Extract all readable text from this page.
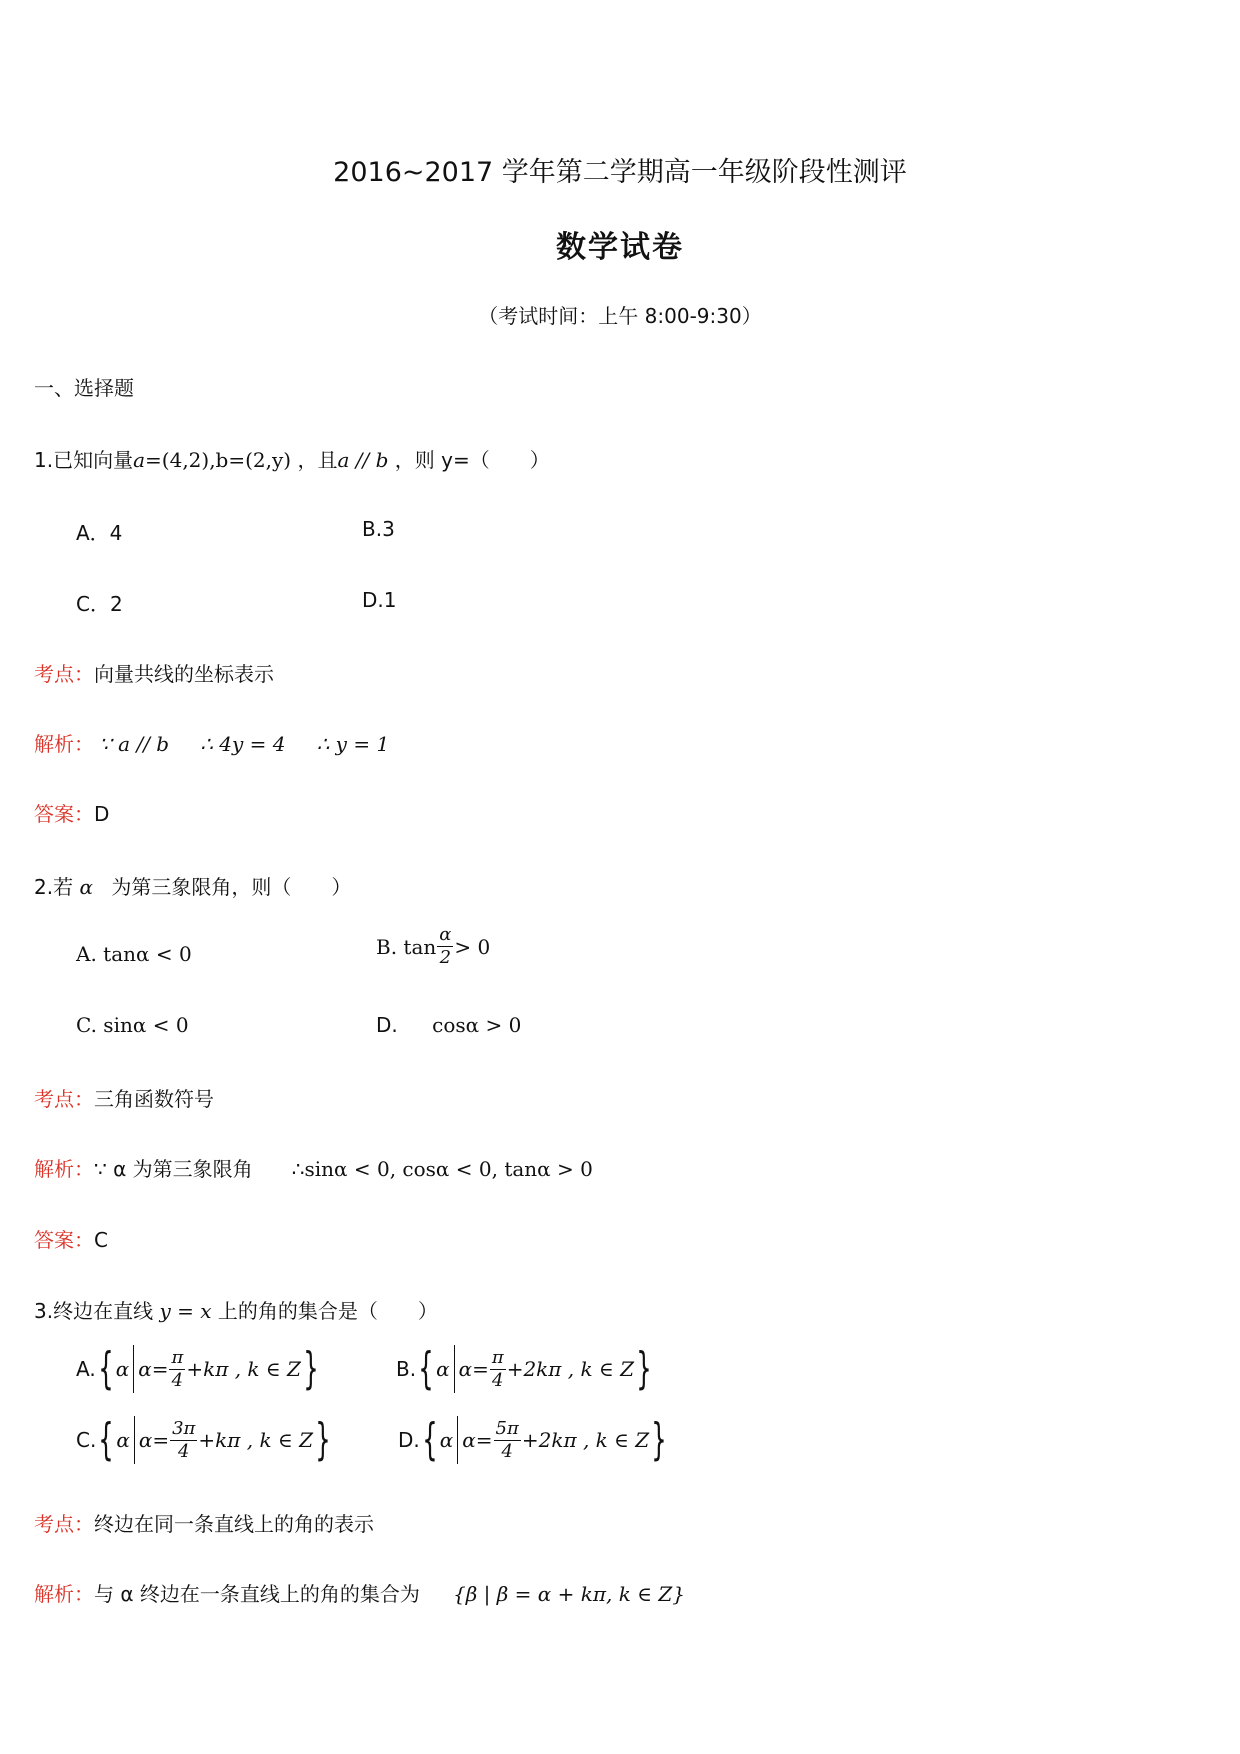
2016~2017 学年第二学期高一年级阶段性测评
数学试卷
（考试时间：上午 8:00-9:30）
一、选择题
1.已知向量a=(4,2),b=(2,y) ，且a // b ，则 y=（　　）
A．4	B.3
C．2	D.1
考点：向量共线的坐标表示
解析： ∵ a // b ∴ 4y = 4 ∴ y = 1
答案：D
2.若 α 为第三象限角，则（　　）
A. tanα < 0	B. $\tan \frac{\alpha}{2} > 0$
C. sinα < 0	D. cosα > 0
考点：三角函数符号
解析：∵ α 为第三象限角 ∴sinα < 0, cosα < 0, tanα > 0
答案：C
3.终边在直线 y = x 上的角的集合是（　　）
A. { α $\alpha= \frac{\pi}{4} +k\pi$ , k ∈ Z }	B. { α $\alpha= \frac{\pi}{4} +2k\pi$ , k ∈ Z }
C. { α $\alpha= \frac{3\pi}{4} +k\pi$ , k ∈ Z }	D. { α $\alpha= \frac{5\pi}{4} +2k\pi$ , k ∈ Z }
考点：终边在同一条直线上的角的表示
解析：与 α 终边在一条直线上的角的集合为 {β | β = α + kπ, k ∈ Z}
